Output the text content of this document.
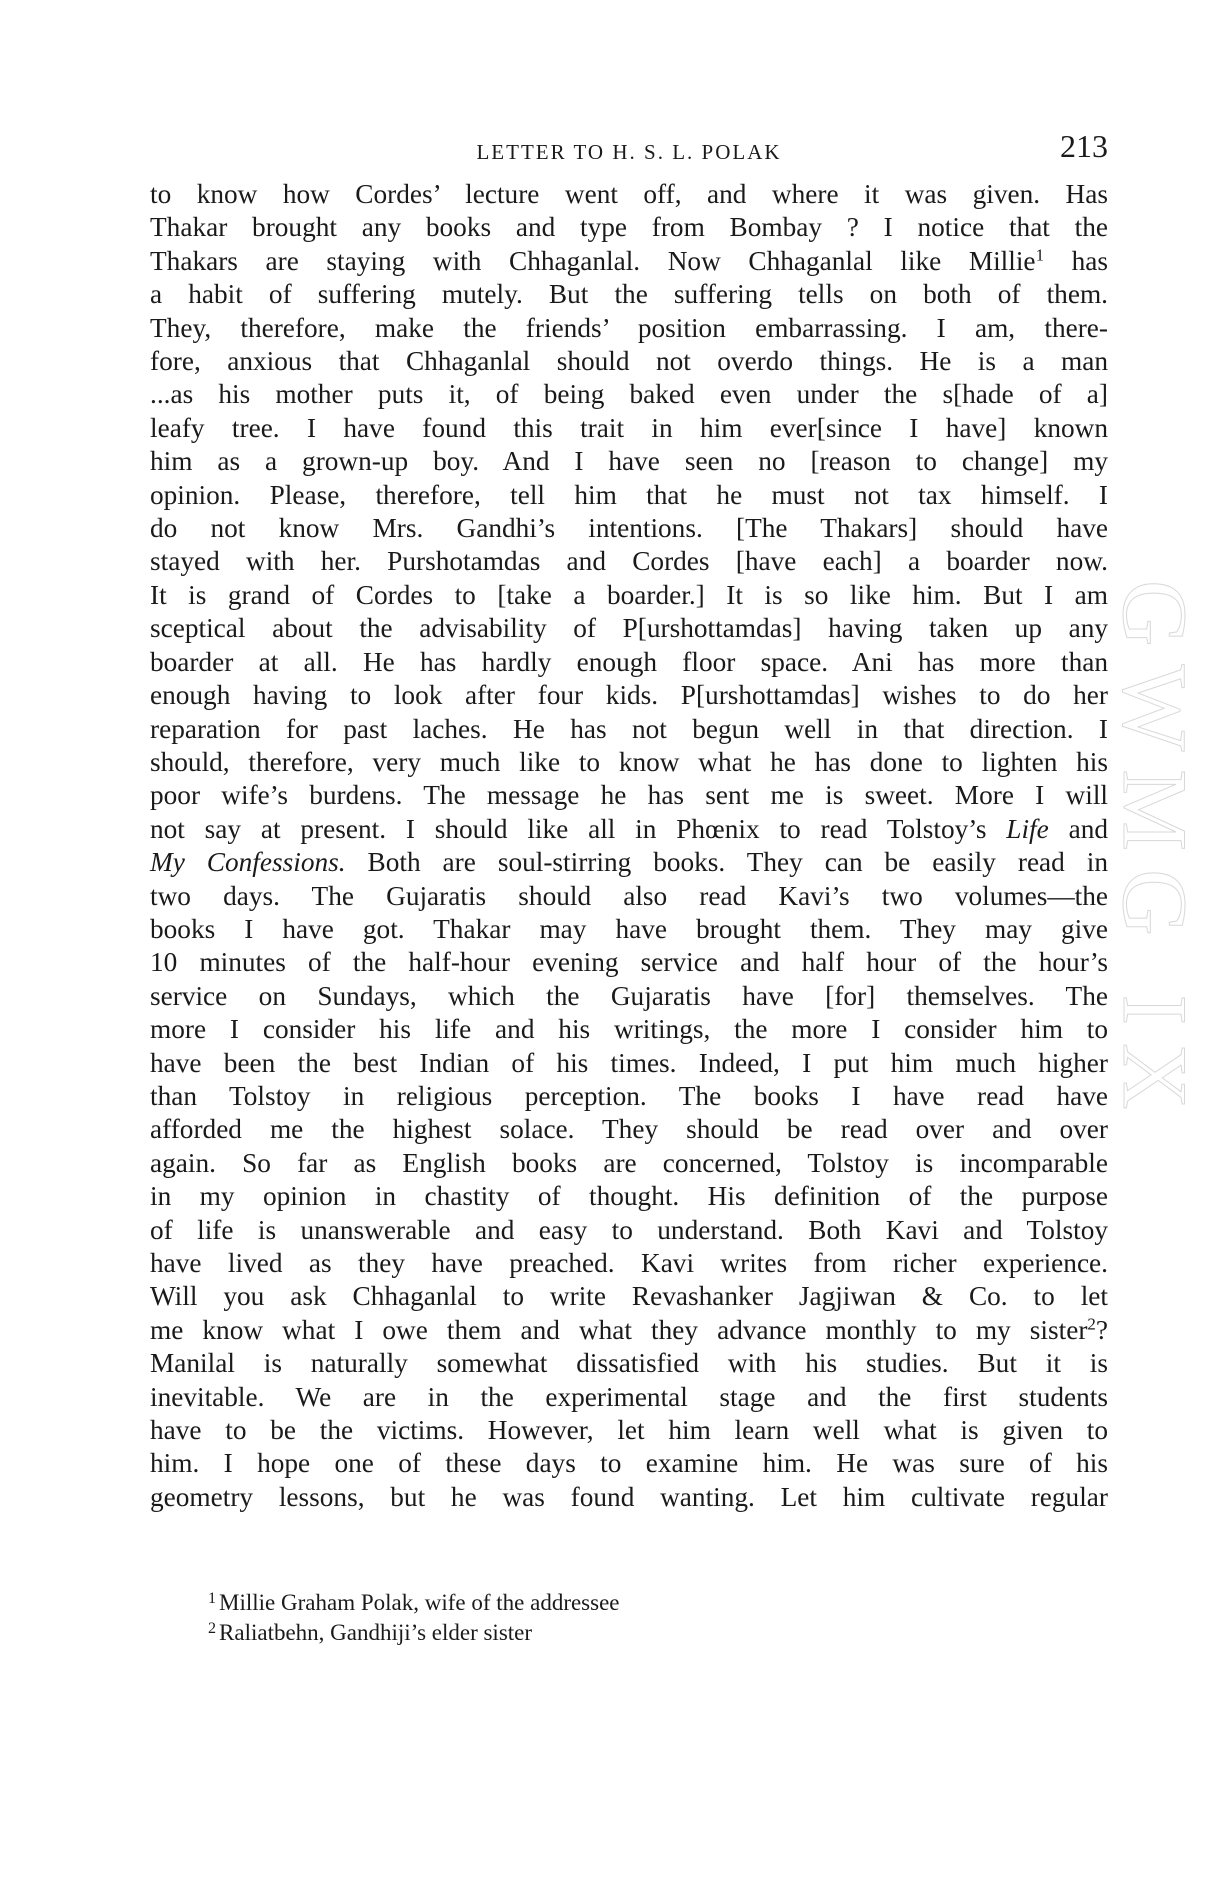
GWMG IX
LETTER TO H. S. L. POLAK	213
to know how Cordes’ lecture went off, and where it was given. Has
Thakar brought any books and type from Bombay ? I notice that the
Thakars are staying with Chhaganlal. Now Chhaganlal like Millie$^1$ has
a habit of suffering mutely. But the suffering tells on both of them.
They, therefore, make the friends’ position embarrassing. I am, there-
fore, anxious that Chhaganlal should not overdo things. He is a man
...as his mother puts it, of being baked even under the s[hade of a]
leafy tree. I have found this trait in him ever[since I have] known
him as a grown-up boy. And I have seen no [reason to change] my
opinion. Please, therefore, tell him that he must not tax himself. I
do not know Mrs. Gandhi’s intentions. [The Thakars] should have
stayed with her. Purshotamdas and Cordes [have each] a boarder now.
It is grand of Cordes to [take a boarder.] It is so like him. But I am
sceptical about the advisability of P[urshottamdas] having taken up any
boarder at all. He has hardly enough floor space. Ani has more than
enough having to look after four kids. P[urshottamdas] wishes to do her
reparation for past laches. He has not begun well in that direction. I
should, therefore, very much like to know what he has done to lighten his
poor wife’s burdens. The message he has sent me is sweet. More I will
not say at present. I should like all in Phœnix to read Tolstoy’s Life and
My Confessions. Both are soul-stirring books. They can be easily read in
two days. The Gujaratis should also read Kavi’s two volumes—the
books I have got. Thakar may have brought them. They may give
10 minutes of the half-hour evening service and half hour of the hour’s
service on Sundays, which the Gujaratis have [for] themselves. The
more I consider his life and his writings, the more I consider him to
have been the best Indian of his times. Indeed, I put him much higher
than Tolstoy in religious perception. The books I have read have
afforded me the highest solace. They should be read over and over
again. So far as English books are concerned, Tolstoy is incomparable
in my opinion in chastity of thought. His definition of the purpose
of life is unanswerable and easy to understand. Both Kavi and Tolstoy
have lived as they have preached. Kavi writes from richer experience.
Will you ask Chhaganlal to write Revashanker Jagjiwan & Co. to let
me know what I owe them and what they advance monthly to my sister$^2$?
Manilal is naturally somewhat dissatisfied with his studies. But it is
inevitable. We are in the experimental stage and the first students
have to be the victims. However, let him learn well what is given to
him. I hope one of these days to examine him. He was sure of his
geometry lessons, but he was found wanting. Let him cultivate regular
$^1$ Millie Graham Polak, wife of the addressee
$^2$ Raliatbehn, Gandhiji’s elder sister
